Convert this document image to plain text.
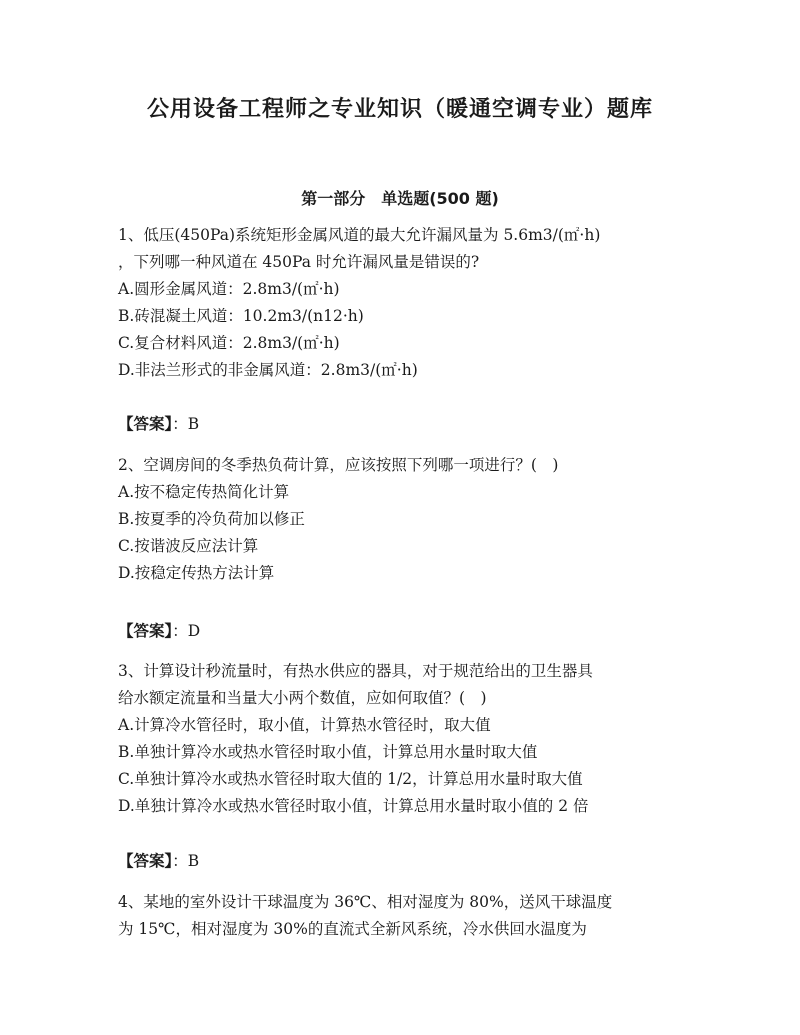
公用设备工程师之专业知识（暖通空调专业）题库
第一部分　单选题(500 题)
1、低压(450Pa)系统矩形金属风道的最大允许漏风量为 5.6m3/(㎡·h)
，下列哪一种风道在 450Pa 时允许漏风量是错误的?
A.圆形金属风道：2.8m3/(㎡·h)
B.砖混凝土风道：10.2m3/(n12·h)
C.复合材料风道：2.8m3/(㎡·h)
D.非法兰形式的非金属风道：2.8m3/(㎡·h)
【答案】：B
2、空调房间的冬季热负荷计算，应该按照下列哪一项进行？(　)
A.按不稳定传热简化计算
B.按夏季的冷负荷加以修正
C.按谐波反应法计算
D.按稳定传热方法计算
【答案】：D
3、计算设计秒流量时，有热水供应的器具，对于规范给出的卫生器具
给水额定流量和当量大小两个数值，应如何取值？(　)
A.计算冷水管径时，取小值，计算热水管径时，取大值
B.单独计算冷水或热水管径时取小值，计算总用水量时取大值
C.单独计算冷水或热水管径时取大值的 1/2，计算总用水量时取大值
D.单独计算冷水或热水管径时取小值，计算总用水量时取小值的 2 倍
【答案】：B
4、某地的室外设计干球温度为 36℃、相对湿度为 80%，送风干球温度
为 15℃，相对湿度为 30%的直流式全新风系统，冷水供回水温度为
